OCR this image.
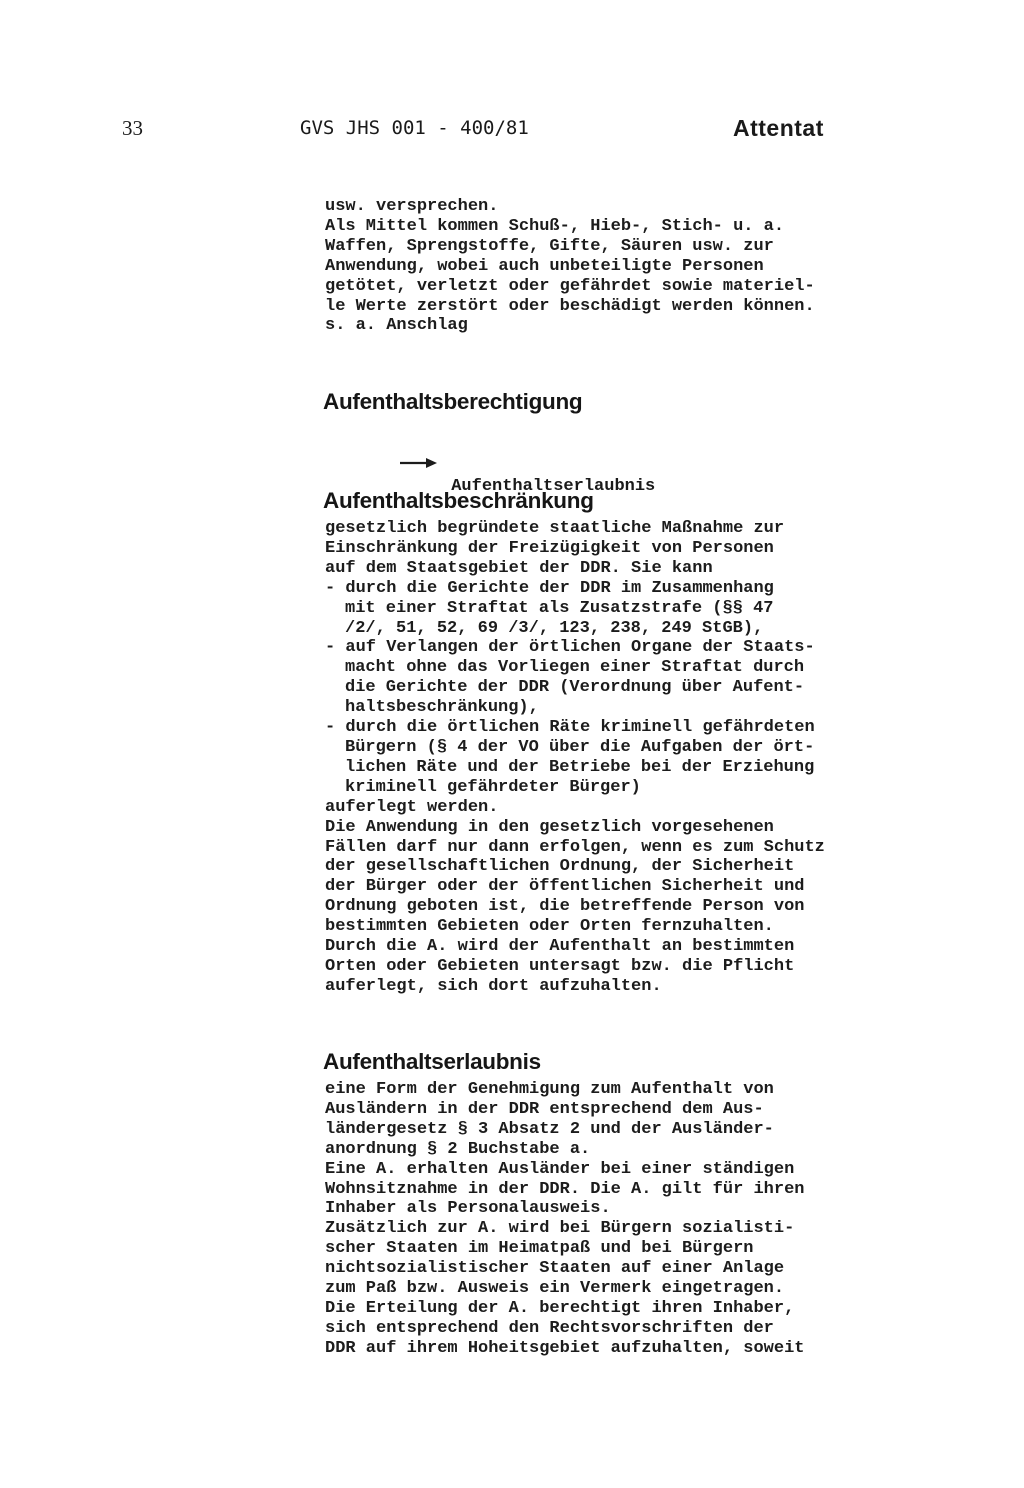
33	GVS JHS 001 - 400/81	Attentat
usw. versprechen.
Als Mittel kommen Schuß-, Hieb-, Stich- u. a.
Waffen, Sprengstoffe, Gifte, Säuren usw. zur
Anwendung, wobei auch unbeteiligte Personen
getötet, verletzt oder gefährdet sowie materiel-
le Werte zerstört oder beschädigt werden können.
s. a. Anschlag
Aufenthaltsberechtigung

Aufenthaltserlaubnis

Aufenthaltsbeschränkung
gesetzlich begründete staatliche Maßnahme zur
Einschränkung der Freizügigkeit von Personen
auf dem Staatsgebiet der DDR. Sie kann
- durch die Gerichte der DDR im Zusammenhang
mit einer Straftat als Zusatzstrafe (§§ 47
/2/, 51, 52, 69 /3/, 123, 238, 249 StGB),
- auf Verlangen der örtlichen Organe der Staats-
macht ohne das Vorliegen einer Straftat durch
die Gerichte der DDR (Verordnung über Aufent-
haltsbeschränkung),
- durch die örtlichen Räte kriminell gefährdeten
Bürgern (§ 4 der VO über die Aufgaben der ört-
lichen Räte und der Betriebe bei der Erziehung
kriminell gefährdeter Bürger)
auferlegt werden.
Die Anwendung in den gesetzlich vorgesehenen
Fällen darf nur dann erfolgen, wenn es zum Schutz
der gesellschaftlichen Ordnung, der Sicherheit
der Bürger oder der öffentlichen Sicherheit und
Ordnung geboten ist, die betreffende Person von
bestimmten Gebieten oder Orten fernzuhalten.
Durch die A. wird der Aufenthalt an bestimmten
Orten oder Gebieten untersagt bzw. die Pflicht
auferlegt, sich dort aufzuhalten.
Aufenthaltserlaubnis
eine Form der Genehmigung zum Aufenthalt von
Ausländern in der DDR entsprechend dem Aus-
ländergesetz § 3 Absatz 2 und der Ausländer-
anordnung § 2 Buchstabe a.
Eine A. erhalten Ausländer bei einer ständigen
Wohnsitznahme in der DDR. Die A. gilt für ihren
Inhaber als Personalausweis.
Zusätzlich zur A. wird bei Bürgern sozialisti-
scher Staaten im Heimatpaß und bei Bürgern
nichtsozialistischer Staaten auf einer Anlage
zum Paß bzw. Ausweis ein Vermerk eingetragen.
Die Erteilung der A. berechtigt ihren Inhaber,
sich entsprechend den Rechtsvorschriften der
DDR auf ihrem Hoheitsgebiet aufzuhalten, soweit
